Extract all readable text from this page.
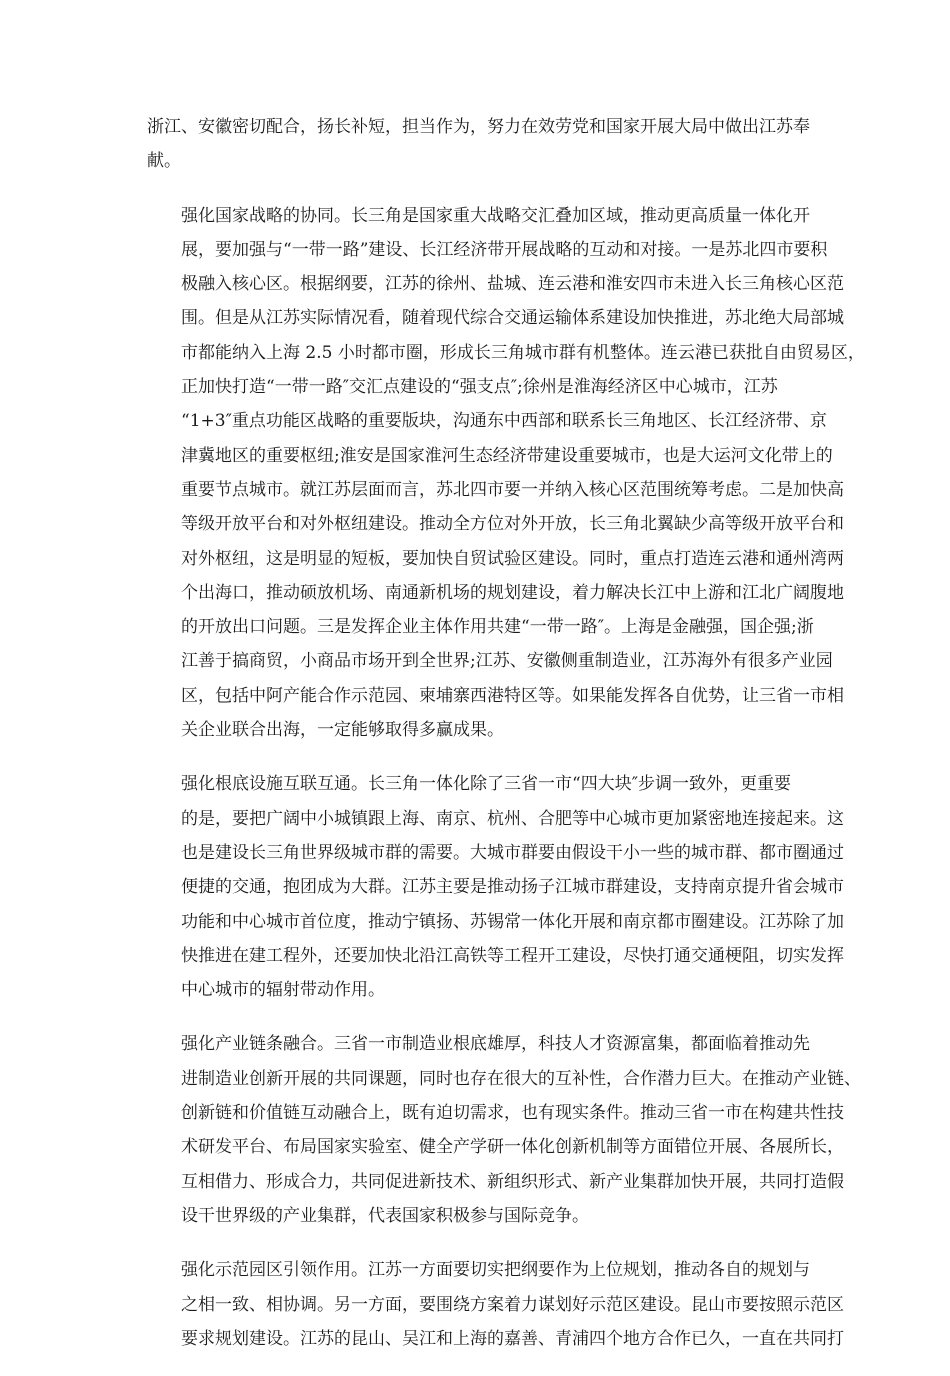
浙江、安徽密切配合，扬长补短，担当作为，努力在效劳党和国家开展大局中做出江苏奉
献。

强化国家战略的协同。长三角是国家重大战略交汇叠加区域，推动更高质量一体化开
展，要加强与“一带一路”建设、长江经济带开展战略的互动和对接。一是苏北四市要积
极融入核心区。根据纲要，江苏的徐州、盐城、连云港和淮安四市未进入长三角核心区范
围。但是从江苏实际情况看，随着现代综合交通运输体系建设加快推进，苏北绝大局部城
市都能纳入上海 2.5 小时都市圈，形成长三角城市群有机整体。连云港已获批自由贸易区，
正加快打造“一带一路″交汇点建设的“强支点″;徐州是淮海经济区中心城市，江苏
“1+3″重点功能区战略的重要版块，沟通东中西部和联系长三角地区、长江经济带、京
津冀地区的重要枢纽;淮安是国家淮河生态经济带建设重要城市，也是大运河文化带上的
重要节点城市。就江苏层面而言，苏北四市要一并纳入核心区范围统筹考虑。二是加快高
等级开放平台和对外枢纽建设。推动全方位对外开放，长三角北翼缺少高等级开放平台和
对外枢纽，这是明显的短板，要加快自贸试验区建设。同时，重点打造连云港和通州湾两
个出海口，推动硕放机场、南通新机场的规划建设，着力解决长江中上游和江北广阔腹地
的开放出口问题。三是发挥企业主体作用共建“一带一路″。上海是金融强，国企强;浙
江善于搞商贸，小商品市场开到全世界;江苏、安徽侧重制造业，江苏海外有很多产业园
区，包括中阿产能合作示范园、柬埔寨西港特区等。如果能发挥各自优势，让三省一市相
关企业联合出海，一定能够取得多赢成果。

强化根底设施互联互通。长三角一体化除了三省一市“四大块″步调一致外，更重要
的是，要把广阔中小城镇跟上海、南京、杭州、合肥等中心城市更加紧密地连接起来。这
也是建设长三角世界级城市群的需要。大城市群要由假设干小一些的城市群、都市圈通过
便捷的交通，抱团成为大群。江苏主要是推动扬子江城市群建设，支持南京提升省会城市
功能和中心城市首位度，推动宁镇扬、苏锡常一体化开展和南京都市圈建设。江苏除了加
快推进在建工程外，还要加快北沿江高铁等工程开工建设，尽快打通交通梗阻，切实发挥
中心城市的辐射带动作用。

强化产业链条融合。三省一市制造业根底雄厚，科技人才资源富集，都面临着推动先
进制造业创新开展的共同课题，同时也存在很大的互补性，合作潜力巨大。在推动产业链、
创新链和价值链互动融合上，既有迫切需求，也有现实条件。推动三省一市在构建共性技
术研发平台、布局国家实验室、健全产学研一体化创新机制等方面错位开展、各展所长，
互相借力、形成合力，共同促进新技术、新组织形式、新产业集群加快开展，共同打造假
设干世界级的产业集群，代表国家积极参与国际竞争。

强化示范园区引领作用。江苏一方面要切实把纲要作为上位规划，推动各自的规划与
之相一致、相协调。另一方面，要围绕方案着力谋划好示范区建设。昆山市要按照示范区
要求规划建设。江苏的昆山、吴江和上海的嘉善、青浦四个地方合作已久，一直在共同打
